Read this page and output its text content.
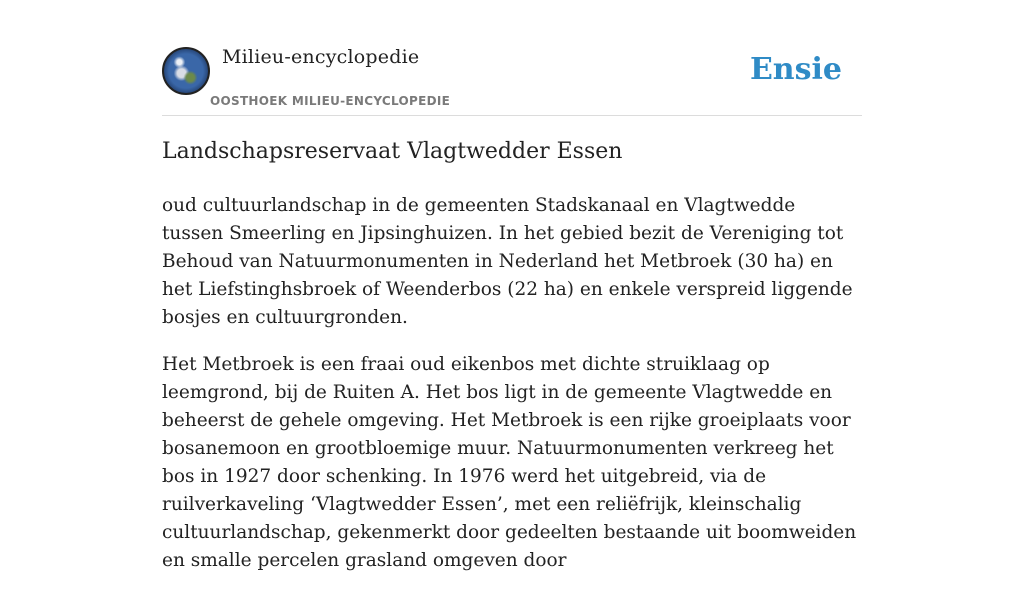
Milieu-encyclopedie
OOSTHOEK MILIEU-ENCYCLOPEDIE
Ensie
Landschapsreservaat Vlagtwedder Essen

oud cultuurlandschap in de gemeenten Stadskanaal en Vlagtwedde tussen Smeerling en Jipsinghuizen. In het gebied bezit de Vereniging tot Behoud van Natuurmonumenten in Nederland het Metbroek (30 ha) en het Liefstinghsbroek of Weenderbos (22 ha) en enkele verspreid liggende bosjes en cultuurgronden.

Het Metbroek is een fraai oud eikenbos met dichte struiklaag op leemgrond, bij de Ruiten A. Het bos ligt in de gemeente Vlagtwedde en beheerst de gehele omgeving. Het Metbroek is een rijke groeiplaats voor bosanemoon en grootbloemige muur. Natuurmonumenten verkreeg het bos in 1927 door schenking. In 1976 werd het uitgebreid, via de ruilverkaveling ‘Vlagtwedder Essen’, met een reliëfrijk, kleinschalig cultuurlandschap, gekenmerkt door gedeelten bestaande uit boomweiden en smalle percelen grasland omgeven door
